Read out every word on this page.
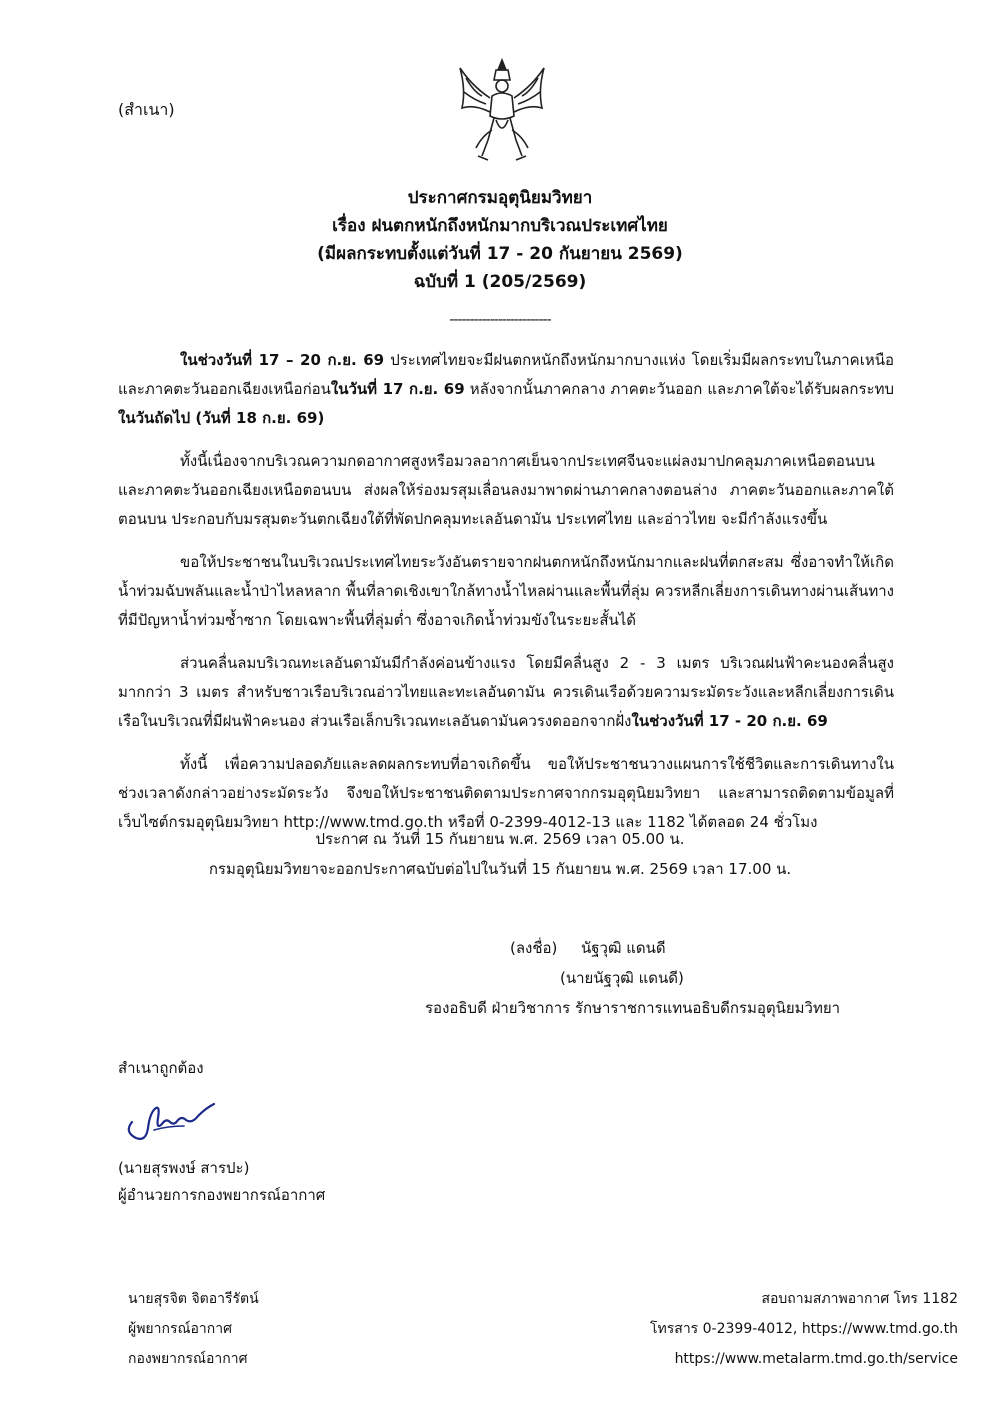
(สำเนา)
ประกาศกรมอุตุนิยมวิทยา
เรื่อง ฝนตกหนักถึงหนักมากบริเวณประเทศไทย
(มีผลกระทบตั้งแต่วันที่ 17 - 20 กันยายน 2569)
ฉบับที่ 1 (205/2569)
-------------------------

ในช่วงวันที่ 17 – 20 ก.ย. 69 ประเทศไทยจะมีฝนตกหนักถึงหนักมากบางแห่ง โดยเริ่มมีผลกระทบในภาคเหนือและภาคตะวันออกเฉียงเหนือก่อนในวันที่ 17 ก.ย. 69 หลังจากนั้นภาคกลาง ภาคตะวันออก และภาคใต้จะได้รับผลกระทบ ในวันถัดไป (วันที่ 18 ก.ย. 69)

ทั้งนี้เนื่องจากบริเวณความกดอากาศสูงหรือมวลอากาศเย็นจากประเทศจีนจะแผ่ลงมาปกคลุมภาคเหนือตอนบนและภาคตะวันออกเฉียงเหนือตอนบน ส่งผลให้ร่องมรสุมเลื่อนลงมาพาดผ่านภาคกลางตอนล่าง ภาคตะวันออกและภาคใต้ตอนบน ประกอบกับมรสุมตะวันตกเฉียงใต้ที่พัดปกคลุมทะเลอันดามัน ประเทศไทย และอ่าวไทย จะมีกำลังแรงขึ้น

ขอให้ประชาชนในบริเวณประเทศไทยระวังอันตรายจากฝนตกหนักถึงหนักมากและฝนที่ตกสะสม ซึ่งอาจทำให้เกิดน้ำท่วมฉับพลันและน้ำป่าไหลหลาก พื้นที่ลาดเชิงเขาใกล้ทางน้ำไหลผ่านและพื้นที่ลุ่ม ควรหลีกเลี่ยงการเดินทางผ่านเส้นทางที่มีปัญหาน้ำท่วมซ้ำซาก โดยเฉพาะพื้นที่ลุ่มต่ำ ซึ่งอาจเกิดน้ำท่วมขังในระยะสั้นได้

ส่วนคลื่นลมบริเวณทะเลอันดามันมีกำลังค่อนข้างแรง โดยมีคลื่นสูง 2 - 3 เมตร บริเวณฝนฟ้าคะนองคลื่นสูงมากกว่า 3 เมตร สำหรับชาวเรือบริเวณอ่าวไทยและทะเลอันดามัน ควรเดินเรือด้วยความระมัดระวังและหลีกเลี่ยงการเดินเรือในบริเวณที่มีฝนฟ้าคะนอง ส่วนเรือเล็กบริเวณทะเลอันดามันควรงดออกจากฝั่งในช่วงวันที่ 17 - 20 ก.ย. 69

ทั้งนี้ เพื่อความปลอดภัยและลดผลกระทบที่อาจเกิดขึ้น ขอให้ประชาชนวางแผนการใช้ชีวิตและการเดินทางในช่วงเวลาดังกล่าวอย่างระมัดระวัง จึงขอให้ประชาชนติดตามประกาศจากกรมอุตุนิยมวิทยา และสามารถติดตามข้อมูลที่เว็บไซต์กรมอุตุนิยมวิทยา http://www.tmd.go.th หรือที่ 0-2399-4012-13 และ 1182 ได้ตลอด 24 ชั่วโมง

ประกาศ ณ วันที่ 15 กันยายน พ.ศ. 2569 เวลา 05.00 น.
กรมอุตุนิยมวิทยาจะออกประกาศฉบับต่อไปในวันที่ 15 กันยายน พ.ศ. 2569 เวลา 17.00 น.
(ลงชื่อ) นัฐวุฒิ แดนดี
(นายนัฐวุฒิ แดนดี)
รองอธิบดี ฝ่ายวิชาการ รักษาราชการแทนอธิบดีกรมอุตุนิยมวิทยา
สำเนาถูกต้อง
(นายสุรพงษ์ สารปะ)
ผู้อำนวยการกองพยากรณ์อากาศ
นายสุรจิต จิตอารีรัตน์
ผู้พยากรณ์อากาศ
กองพยากรณ์อากาศ
สอบถามสภาพอากาศ โทร 1182
โทรสาร 0-2399-4012, https://www.tmd.go.th
https://www.metalarm.tmd.go.th/service
